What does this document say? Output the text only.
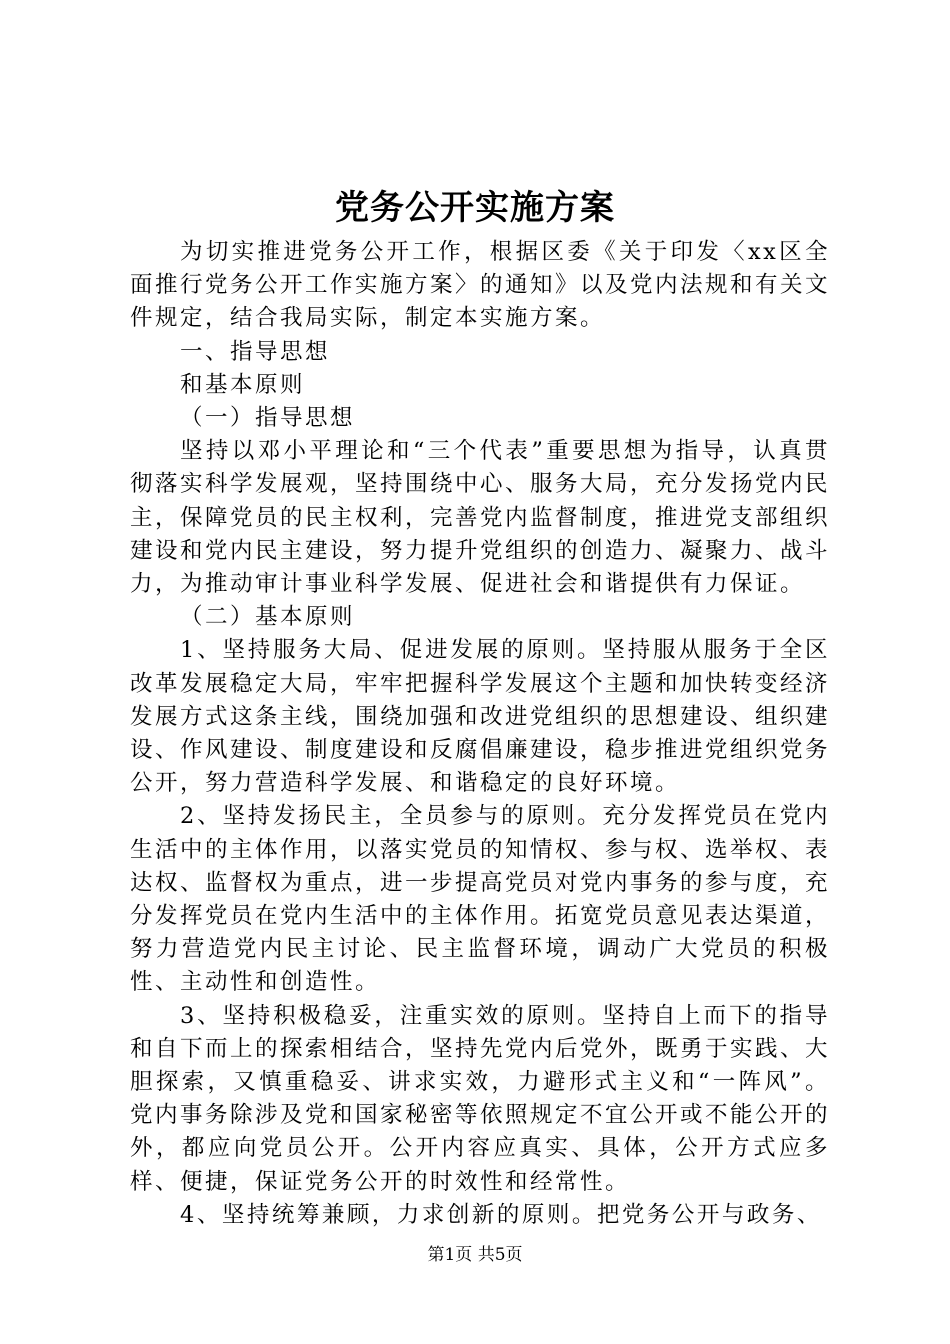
党务公开实施方案

为切实推进党务公开工作，根据区委《关于印发〈xx区全面推行党务公开工作实施方案〉的通知》以及党内法规和有关文件规定，结合我局实际，制定本实施方案。

一、指导思想

和基本原则

（一）指导思想

坚持以邓小平理论和“三个代表”重要思想为指导，认真贯彻落实科学发展观，坚持围绕中心、服务大局，充分发扬党内民主，保障党员的民主权利，完善党内监督制度，推进党支部组织建设和党内民主建设，努力提升党组织的创造力、凝聚力、战斗力，为推动审计事业科学发展、促进社会和谐提供有力保证。

（二）基本原则

1、坚持服务大局、促进发展的原则。坚持服从服务于全区改革发展稳定大局，牢牢把握科学发展这个主题和加快转变经济发展方式这条主线，围绕加强和改进党组织的思想建设、组织建设、作风建设、制度建设和反腐倡廉建设，稳步推进党组织党务公开，努力营造科学发展、和谐稳定的良好环境。

2、坚持发扬民主，全员参与的原则。充分发挥党员在党内生活中的主体作用，以落实党员的知情权、参与权、选举权、表达权、监督权为重点，进一步提高党员对党内事务的参与度，充分发挥党员在党内生活中的主体作用。拓宽党员意见表达渠道，努力营造党内民主讨论、民主监督环境，调动广大党员的积极性、主动性和创造性。

3、坚持积极稳妥，注重实效的原则。坚持自上而下的指导和自下而上的探索相结合，坚持先党内后党外，既勇于实践、大胆探索，又慎重稳妥、讲求实效，力避形式主义和“一阵风”。党内事务除涉及党和国家秘密等依照规定不宜公开或不能公开的外，都应向党员公开。公开内容应真实、具体，公开方式应多样、便捷，保证党务公开的时效性和经常性。

4、坚持统筹兼顾，力求创新的原则。把党务公开与政务、

第1页 共5页
